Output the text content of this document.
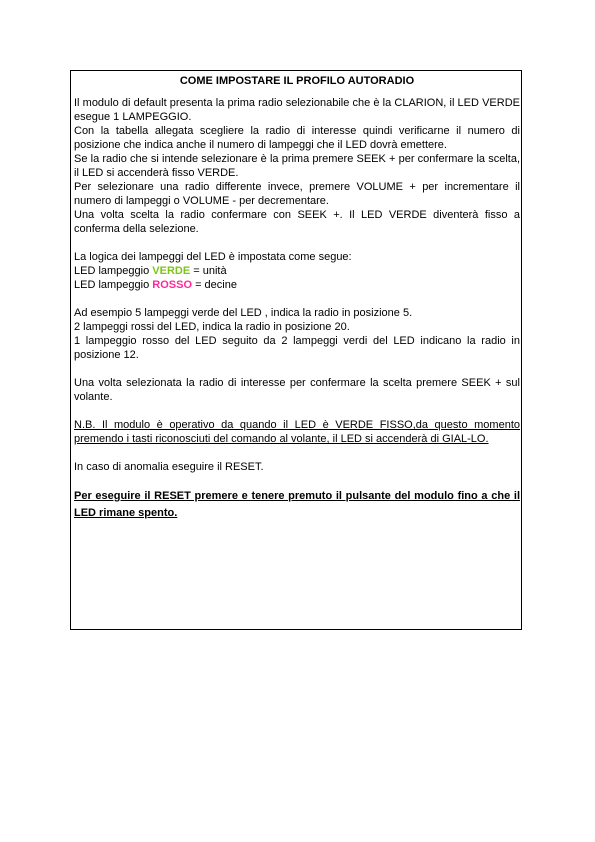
COME IMPOSTARE IL PROFILO AUTORADIO

Il modulo di default presenta la prima radio selezionabile che è la CLARION, il LED VERDE esegue 1 LAMPEGGIO.

Con la tabella allegata scegliere la radio di interesse quindi verificarne il numero di posizione che indica anche il numero di lampeggi che il LED dovrà emettere.

Se la radio che si intende selezionare è la prima premere SEEK + per confermare la scelta, il LED si accenderà fisso VERDE.

Per selezionare una radio differente invece, premere VOLUME + per incrementare il numero di lampeggi o VOLUME - per decrementare.

Una volta scelta la radio confermare con SEEK +. Il LED VERDE diventerà fisso a conferma della selezione.

La logica dei lampeggi del LED è impostata come segue:

LED lampeggio VERDE = unità

LED lampeggio ROSSO = decine

Ad esempio 5 lampeggi verde del LED , indica la radio in posizione 5.

2 lampeggi rossi del LED, indica la radio in posizione 20.

1 lampeggio rosso del LED seguito da 2 lampeggi verdi del LED indicano la radio in posizione 12.

Una volta selezionata la radio di interesse per confermare la scelta premere SEEK + sul volante.

N.B. Il modulo è operativo da quando il LED è VERDE FISSO,da questo momento premendo i tasti riconosciuti del comando al volante, il LED si accenderà di GIAL-LO.

In caso di anomalia eseguire il RESET.

Per eseguire il RESET premere e tenere premuto il pulsante del modulo fino a che il LED rimane spento.
